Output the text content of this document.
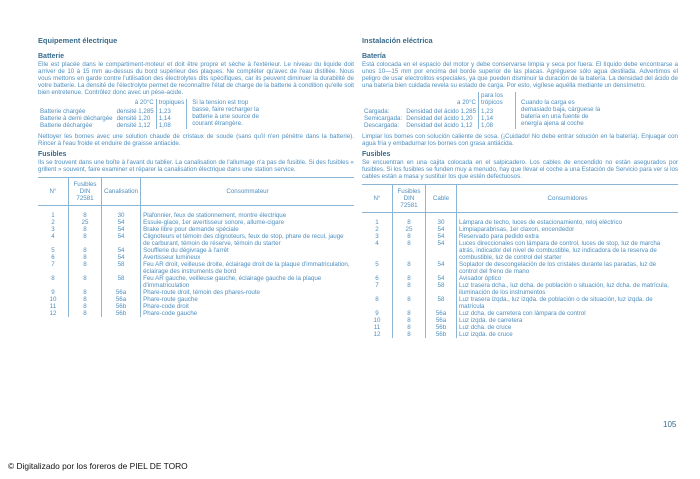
Equipement électrique
Batterie

Elle est placée dans le compartiment-moteur et doit être propre et sèche à l'extérieur. Le niveau du liquide doit arriver de 10 à 15 mm au-dessus du bord supérieur des plaques. Ne compléter qu'avec de l'eau distillée. Nous vous mettons en garde contre l'utilisation des électrolytes dits spécifiques, car ils peuvent diminuer la durabilité de votre batterie. La densité de l'électrolyte permet de reconnaître l'état de charge de la batterie à condition qu'elle soit bien entretenue. Contrôlez donc avec un pèse-acide.

	à 20°C	tropiques	Si la tension est trop basse, faire recharger la batterie à une source de courant étrangère.
Batterie chargée	densité 1,285	1,23	
Batterie à demi déchargée	densité 1,20	1,14	
Batterie déchargée	densité 1,12	1,08	

Nettoyer les bornes avec une solution chaude de cristaux de soude (sans qu'il n'en pénètre dans la batterie). Rincer à l'eau froide et enduire de graisse antiacide.

Fusibles

Ils se trouvent dans une boîte à l'avant du tablier. La canalisation de l'allumage n'a pas de fusible. Si des fusibles « grillent » souvent, faire examiner et réparer la canalisation électrique dans une station service.

N°	Fusibles DIN 72581	Canalisation	Consommateur

1	8	30	Plafonnier, feux de stationnement, montre électrique
2	25	54	Essuie-glace, 1er avertisseur sonore, allume-cigare
3	8	54	Brake libre pour demande spéciale
4	8	54	Clignoteurs et témoin des clignoteurs, feux de stop, phare de recul, jauge de carburant, témoin de réserve, témoin du starter
5	8	54	Soufflerie du dégivrage à l'arrêt
6	8	54	Avertisseur lumineux
7	8	58	Feu AR droit, veilleuse droite, éclairage droit de la plaque d'immatriculation, éclairage des instruments de bord
8	8	58	Feu AR gauche, veilleuse gauche, éclairage gauche de la plaque d'immatriculation
9	8	56a	Phare-route droit, témoin des phares-route
10	8	56a	Phare-route gauche
11	8	56b	Phare-code droit
12	8	56b	Phare-code gauche
Instalación eléctrica
Batería

Está colocada en el espacio del motor y debe conservarse limpia y seca por fuera. El líquido debe encontrarse a unos 10—15 mm por encima del borde superior de las placas. Agréguese sólo agua destilada. Advertimos el peligro de usar electrolitos especiales, ya que pueden disminuir la duración de la batería. La densidad del ácido de una batería bien cuidada revela su estado de carga. Por esto, vigílese aquélla mediante un densímetro.

	a 20°C	para los trópicos	Cuando la carga es demasiado baja, cárguese la batería en una fuente de energía ajena al coche
Cargada:	Densidad del ácido 1,285	1,23	
Semicargada:	Densidad del ácido 1,20	1,14	
Descargada:	Densidad del ácido 1,12	1,08	

Limpiar los bornes con solución caliente de sosa. (¡Cuidado! No debe entrar solución en la batería). Enjuagar con agua fría y embadurnar los bornes con grasa antiácida.

Fusibles

Se encuentran en una cajita colocada en el salpicadero. Los cables de encendido no están asegurados por fusibles. Si los fusibles se funden muy a menudo, hay que llevar el coche a una Estación de Servicio para ver si los cables están a masa y sustituir los que estén defectuosos.

N°	Fusibles DIN 72581	Cable	Consumidores

1	8	30	Lámpara de techo, luces de estacionamiento, reloj eléctrico
2	25	54	Limpiaparabrisas, 1er claxon, encendedor
3	8	54	Reservado para pedido extra
4	8	54	Luces direccionales con lámpara de control, luces de stop, luz de marcha atrás, indicador del nivel de combustible, luz indicadora de la reserva de combustible, luz de control del starter
5	8	54	Soplador de descongelación de los cristales durante las paradas, luz de control del freno de mano
6	8	54	Avisador óptico
7	8	58	Luz trasera dcha., luz dcha. de población o situación, luz dcha. de matrícula, iluminación de los instrumentos
8	8	58	Luz trasera izqda., luz izqda. de población o de situación, luz izqda. de matrícula
9	8	56a	Luz dcha. de carretera con lámpara de control
10	8	56a	Luz izqda. de carretera
11	8	56b	Luz dcha. de cruce
12	8	56b	Luz izqda. de cruce
105
© Digitalizado por los foreros de PIEL DE TORO
